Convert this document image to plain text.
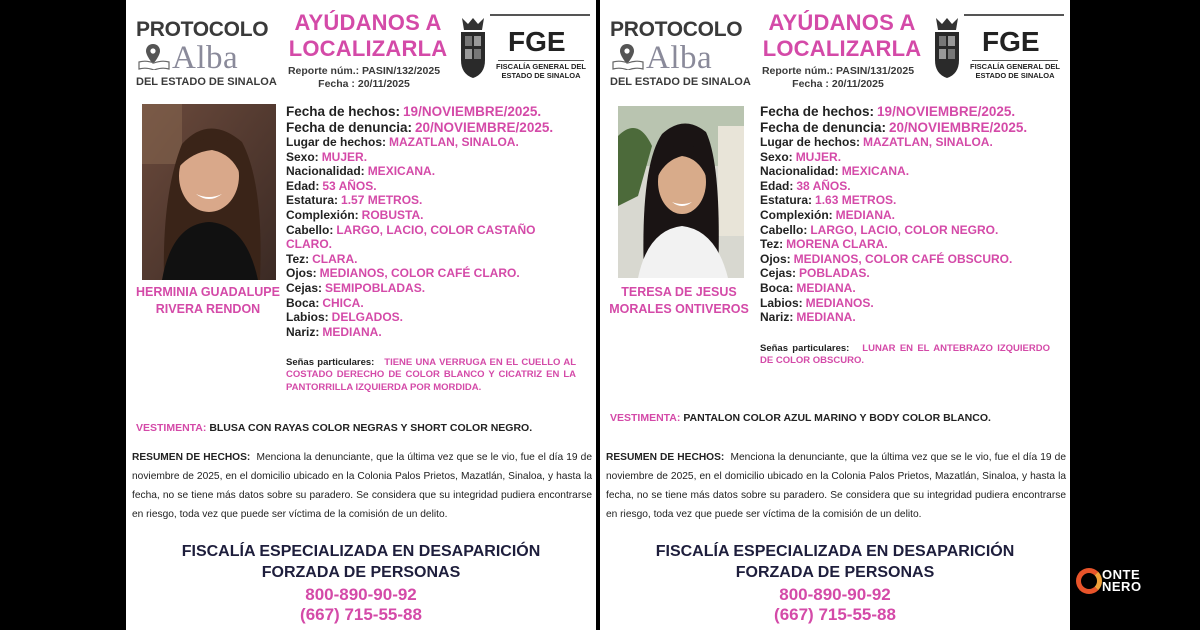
PROTOCOLO
Alba
DEL ESTADO DE SINALOA
AYÚDANOS A LOCALIZARLA
Reporte núm.: PASIN/132/2025
Fecha : 20/11/2025
FGE
FISCALÍA GENERAL DEL ESTADO DE SINALOA
HERMINIA GUADALUPE RIVERA RENDON
Fecha de hechos: 19/NOVIEMBRE/2025.
Fecha de denuncia: 20/NOVIEMBRE/2025.
Lugar de hechos: MAZATLAN, SINALOA.
Sexo: MUJER.
Nacionalidad: MEXICANA.
Edad: 53 AÑOS.
Estatura: 1.57 METROS.
Complexión: ROBUSTA.
Cabello: LARGO, LACIO, COLOR CASTAÑO CLARO.
Tez: CLARA.
Ojos: MEDIANOS, COLOR CAFÉ CLARO.
Cejas: SEMIPOBLADAS.
Boca: CHICA.
Labios: DELGADOS.
Nariz: MEDIANA.
Señas particulares: TIENE UNA VERRUGA EN EL CUELLO AL COSTADO DERECHO DE COLOR BLANCO Y CICATRIZ EN LA PANTORRILLA IZQUIERDA POR MORDIDA.
VESTIMENTA: BLUSA CON RAYAS COLOR NEGRAS Y SHORT COLOR NEGRO.
RESUMEN DE HECHOS: Menciona la denunciante, que la última vez que se le vio, fue el día 19 de noviembre de 2025, en el domicilio ubicado en la Colonia Palos Prietos, Mazatlán, Sinaloa, y hasta la fecha, no se tiene más datos sobre su paradero. Se considera que su integridad pudiera encontrarse en riesgo, toda vez que puede ser víctima de la comisión de un delito.
FISCALÍA ESPECIALIZADA EN DESAPARICIÓN
FORZADA DE PERSONAS
800-890-90-92
(667) 715-55-88
PROTOCOLO
Alba
DEL ESTADO DE SINALOA
AYÚDANOS A LOCALIZARLA
Reporte núm.: PASIN/131/2025
Fecha : 20/11/2025
FGE
FISCALÍA GENERAL DEL ESTADO DE SINALOA
TERESA DE JESUS MORALES ONTIVEROS
Fecha de hechos: 19/NOVIEMBRE/2025.
Fecha de denuncia: 20/NOVIEMBRE/2025.
Lugar de hechos: MAZATLAN, SINALOA.
Sexo: MUJER.
Nacionalidad: MEXICANA.
Edad: 38 AÑOS.
Estatura: 1.63 METROS.
Complexión: MEDIANA.
Cabello: LARGO, LACIO, COLOR NEGRO.
Tez: MORENA CLARA.
Ojos: MEDIANOS, COLOR CAFÉ OBSCURO.
Cejas: POBLADAS.
Boca: MEDIANA.
Labios: MEDIANOS.
Nariz: MEDIANA.
Señas particulares: LUNAR EN EL ANTEBRAZO IZQUIERDO DE COLOR OBSCURO.
VESTIMENTA: PANTALON COLOR AZUL MARINO Y BODY COLOR BLANCO.
RESUMEN DE HECHOS: Menciona la denunciante, que la última vez que se le vio, fue el día 19 de noviembre de 2025, en el domicilio ubicado en la Colonia Palos Prietos, Mazatlán, Sinaloa, y hasta la fecha, no se tiene más datos sobre su paradero. Se considera que su integridad pudiera encontrarse en riesgo, toda vez que puede ser víctima de la comisión de un delito.
FISCALÍA ESPECIALIZADA EN DESAPARICIÓN
FORZADA DE PERSONAS
800-890-90-92
(667) 715-55-88
ONTE
NERO
